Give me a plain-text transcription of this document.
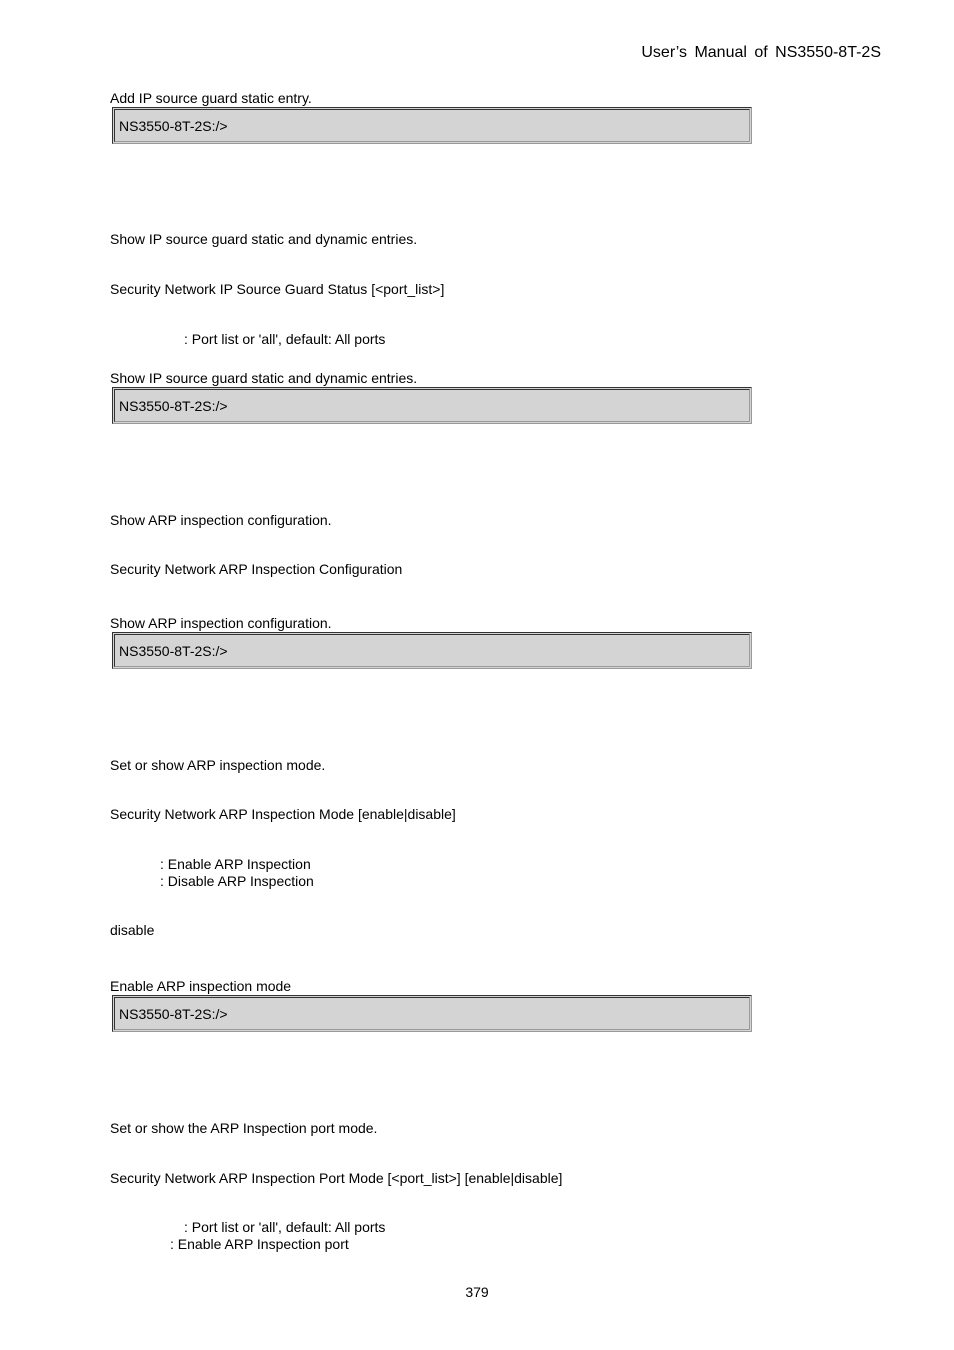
User’s Manual of NS3550-8T-2S
Add IP source guard static entry.
NS3550-8T-2S:/>
Show IP source guard static and dynamic entries.
Security Network IP Source Guard Status [<port_list>]
: Port list or 'all', default: All ports
Show IP source guard static and dynamic entries.
NS3550-8T-2S:/>
Show ARP inspection configuration.
Security Network ARP Inspection Configuration
Show ARP inspection configuration.
NS3550-8T-2S:/>
Set or show ARP inspection mode.
Security Network ARP Inspection Mode [enable|disable]
: Enable ARP Inspection
: Disable ARP Inspection
disable
Enable ARP inspection mode
NS3550-8T-2S:/>
Set or show the ARP Inspection port mode.
Security Network ARP Inspection Port Mode [<port_list>] [enable|disable]
: Port list or 'all', default: All ports
: Enable ARP Inspection port
379
